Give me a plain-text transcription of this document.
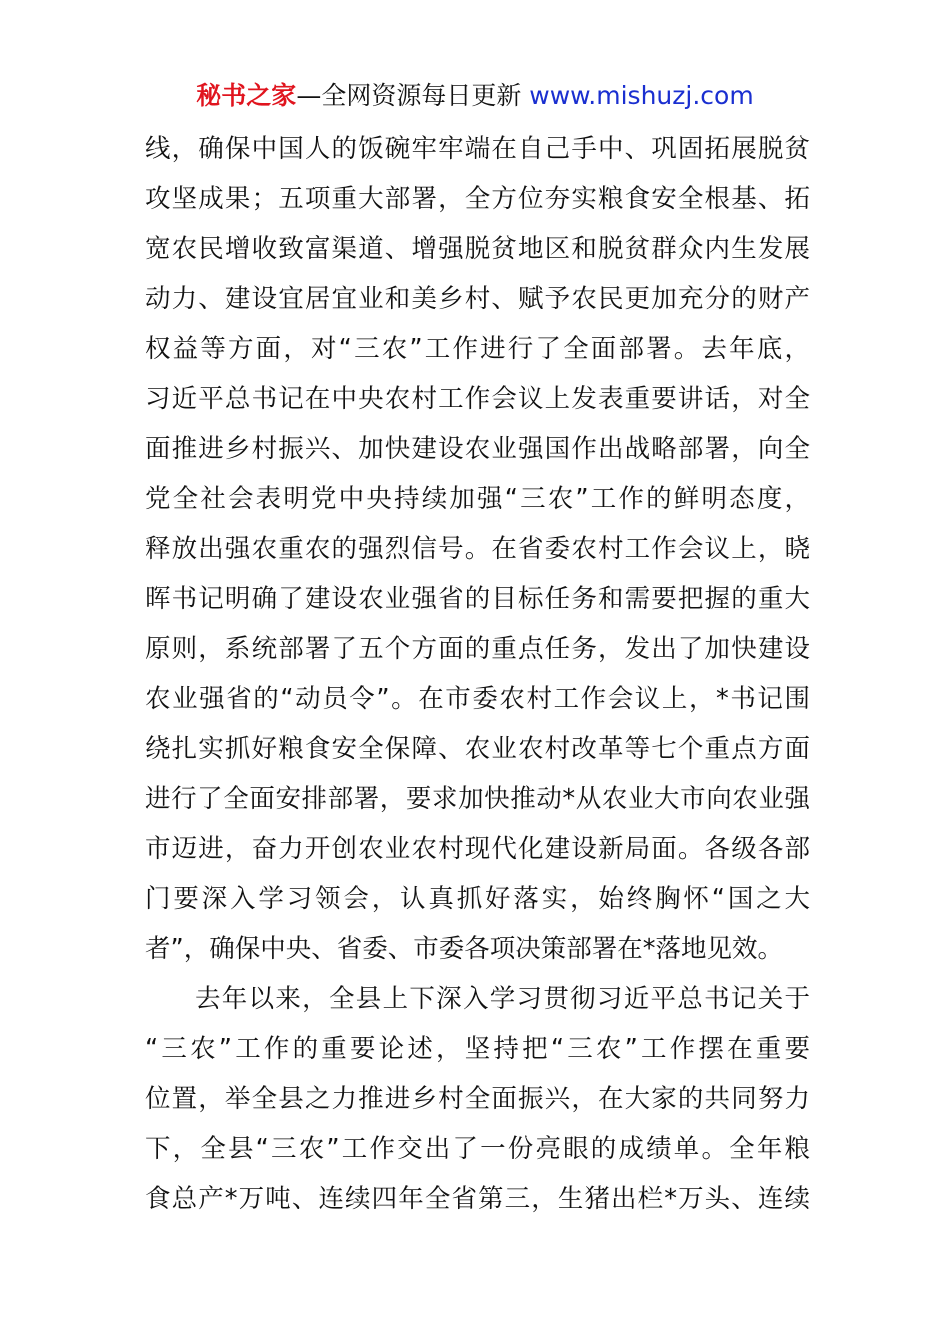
秘书之家—全网资源每日更新 www.mishuzj.com
线，确保中国人的饭碗牢牢端在自己手中、巩固拓展脱贫
攻坚成果；五项重大部署，全方位夯实粮食安全根基、拓
宽农民增收致富渠道、增强脱贫地区和脱贫群众内生发展
动力、建设宜居宜业和美乡村、赋予农民更加充分的财产
权益等方面，对“三农”工作进行了全面部署。去年底，
习近平总书记在中央农村工作会议上发表重要讲话，对全
面推进乡村振兴、加快建设农业强国作出战略部署，向全
党全社会表明党中央持续加强“三农”工作的鲜明态度，
释放出强农重农的强烈信号。在省委农村工作会议上，晓
晖书记明确了建设农业强省的目标任务和需要把握的重大
原则，系统部署了五个方面的重点任务，发出了加快建设
农业强省的“动员令”。在市委农村工作会议上，*书记围
绕扎实抓好粮食安全保障、农业农村改革等七个重点方面
进行了全面安排部署，要求加快推动*从农业大市向农业强
市迈进，奋力开创农业农村现代化建设新局面。各级各部
门要深入学习领会，认真抓好落实，始终胸怀“国之大
者”，确保中央、省委、市委各项决策部署在*落地见效。
去年以来，全县上下深入学习贯彻习近平总书记关于
“三农”工作的重要论述，坚持把“三农”工作摆在重要
位置，举全县之力推进乡村全面振兴，在大家的共同努力
下，全县“三农”工作交出了一份亮眼的成绩单。全年粮
食总产*万吨、连续四年全省第三，生猪出栏*万头、连续
